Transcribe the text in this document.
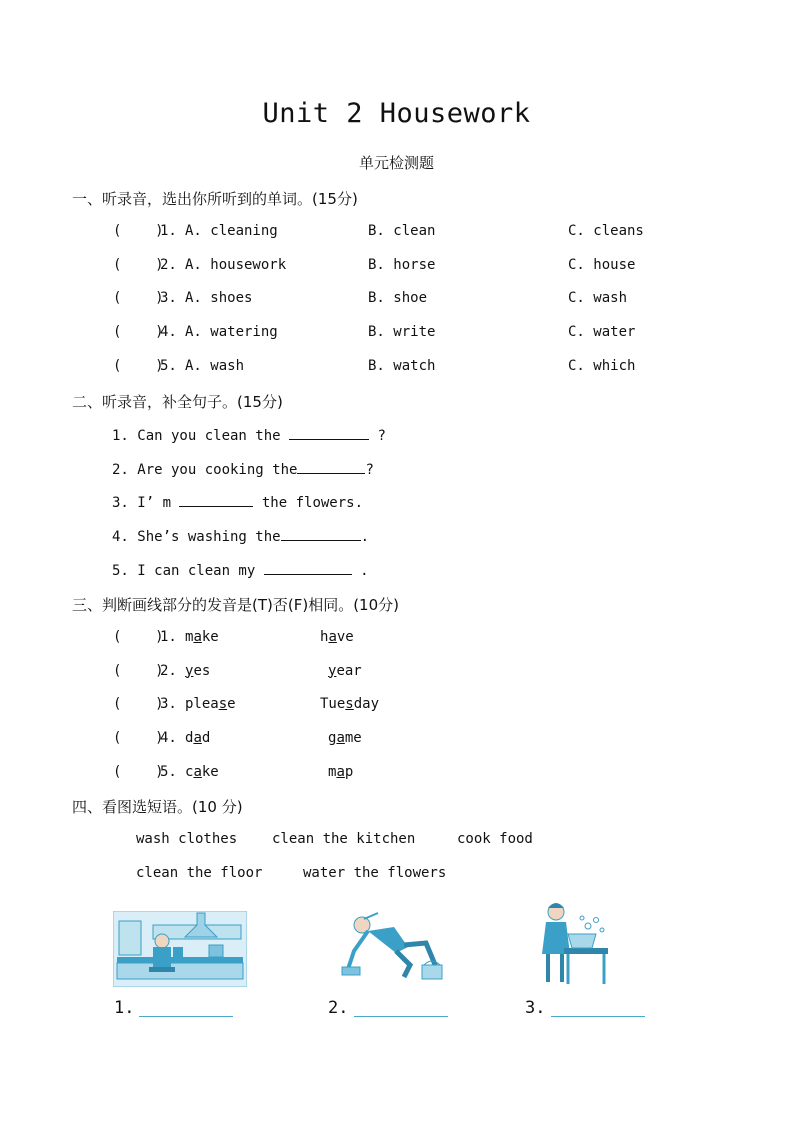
Unit 2 Housework
单元检测题
一、听录音，选出你所听到的单词。(15分)
(    )
1. A. cleaning	B. clean	C. cleans
(    )
2. A. housework	B. horse	C. house
(    )
3. A. shoes	B. shoe	C. wash
(    )
4. A. watering	B. write	C. water
(    )
5. A. wash	B. watch	C. which
二、听录音，补全句子。(15分)
1. Can you clean the	?
2. Are you cooking the	?
3. I’ m	the flowers.
4. She’s washing the	.
5. I can clean my	.
三、判断画线部分的发音是(T)否(F)相同。(10分)
(    )
1. make	have
(    )
2. yes	year
(    )
3. please	Tuesday
(    )
4. dad	game
(    )
5. cake	map
四、看图选短语。(10 分)
wash clothes clean the kitchen	cook food
clean the floor	water the flowers
1.	2.	3.
